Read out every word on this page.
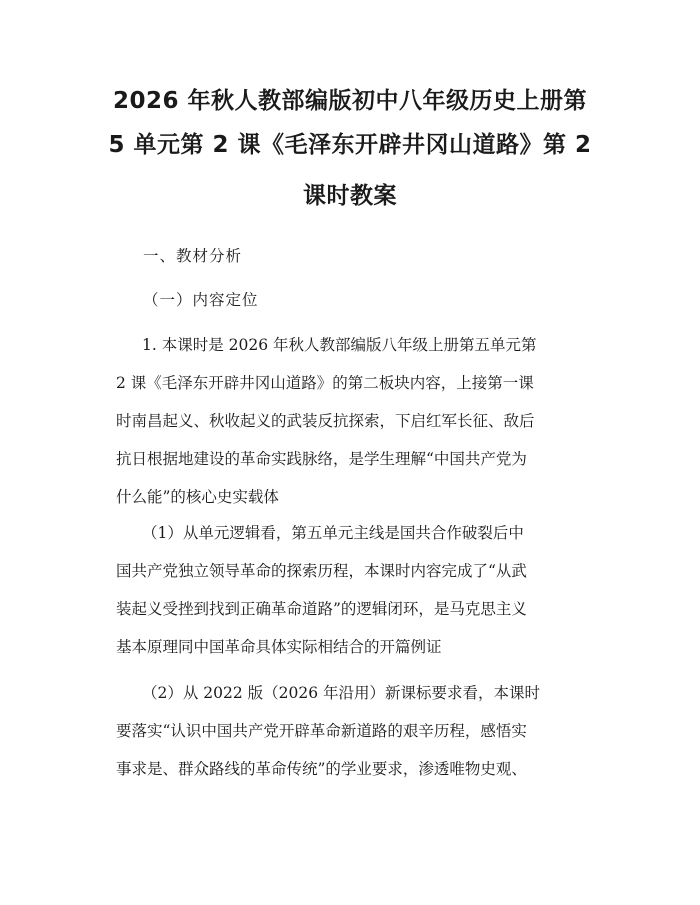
2026 年秋人教部编版初中八年级历史上册第
5 单元第 2 课《毛泽东开辟井冈山道路》第 2
课时教案
一、教材分析
（一）内容定位
1. 本课时是 2026 年秋人教部编版八年级上册第五单元第
2 课《毛泽东开辟井冈山道路》的第二板块内容，上接第一课
时南昌起义、秋收起义的武装反抗探索，下启红军长征、敌后
抗日根据地建设的革命实践脉络，是学生理解“中国共产党为
什么能”的核心史实载体
（1）从单元逻辑看，第五单元主线是国共合作破裂后中
国共产党独立领导革命的探索历程，本课时内容完成了“从武
装起义受挫到找到正确革命道路”的逻辑闭环，是马克思主义
基本原理同中国革命具体实际相结合的开篇例证
（2）从 2022 版（2026 年沿用）新课标要求看，本课时
要落实“认识中国共产党开辟革命新道路的艰辛历程，感悟实
事求是、群众路线的革命传统”的学业要求，渗透唯物史观、
